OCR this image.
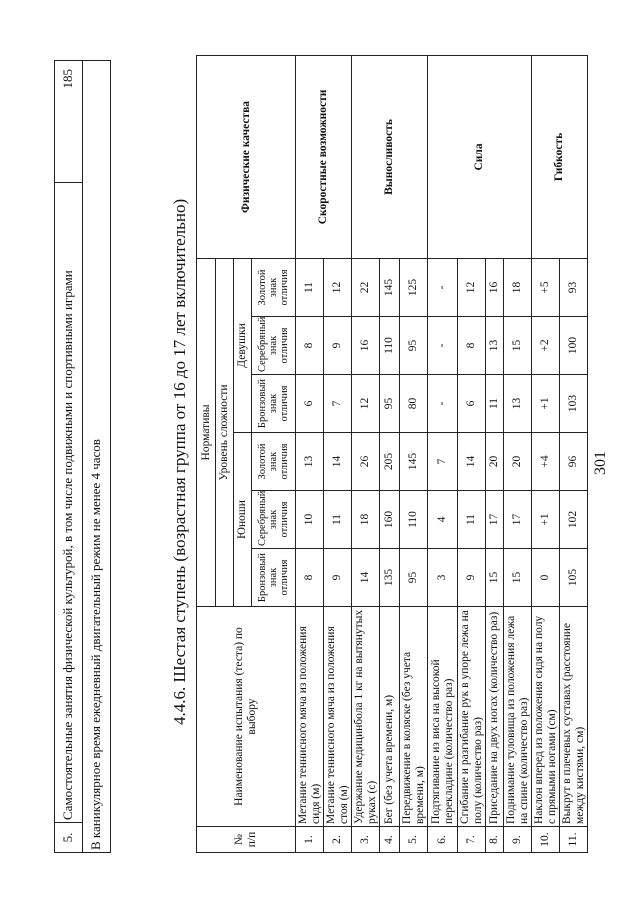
301
5.	Самостоятельные занятия физической культурой, в том числе подвижными и спортивными играми	185
В каникулярное время ежедневный двигательный режим не менее 4 часов	4.4.6. Шестая ступень (возрастная группа от 16 до 17 лет включительно)
№ п/п	Наименование испытания (теста) по выбору	Нормативы						Физические качества
		Уровень сложности						
		Юноши			Девушки			
		Бронзовый знак отличия	Серебряный знак отличия	Золотой знак отличия	Бронзовый знак отличия	Серебряный знак отличия	Золотой знак отличия	
1.	Метание теннисного мяча из положения сидя (м)	8	10	13	6	8	11	Скоростные возможности
2.	Метание теннисного мяча из положения стоя (м)	9	11	14	7	9	12	
3.	Удержание медицинбола 1 кг на вытянутых руках (с)	14	18	26	12	16	22	Выносливость
4.	Бег (без учета времени, м)	135	160	205	95	110	145	
5.	Передвижение в коляске (без учета времени, м)	95	110	145	80	95	125	
6.	Подтягивание из виса на высокой перекладине (количество раз)	3	4	7	-	-	-	Сила
7.	Сгибание и разгибание рук в упоре лежа на полу (количество раз)	9	11	14	6	8	12	
8.	Приседание на двух ногах (количество раз)	15	17	20	11	13	16	
9.	Поднимание туловища из положения лежа на спине (количество раз)	15	17	20	13	15	18	
10.	Наклон вперед из положения сидя на полу с прямыми ногами (см)	0	+1	+4	+1	+2	+5	Гибкость
11.	Выкрут в плечевых суставах (расстояние между кистями, см)	105	102	96	103	100	93	
